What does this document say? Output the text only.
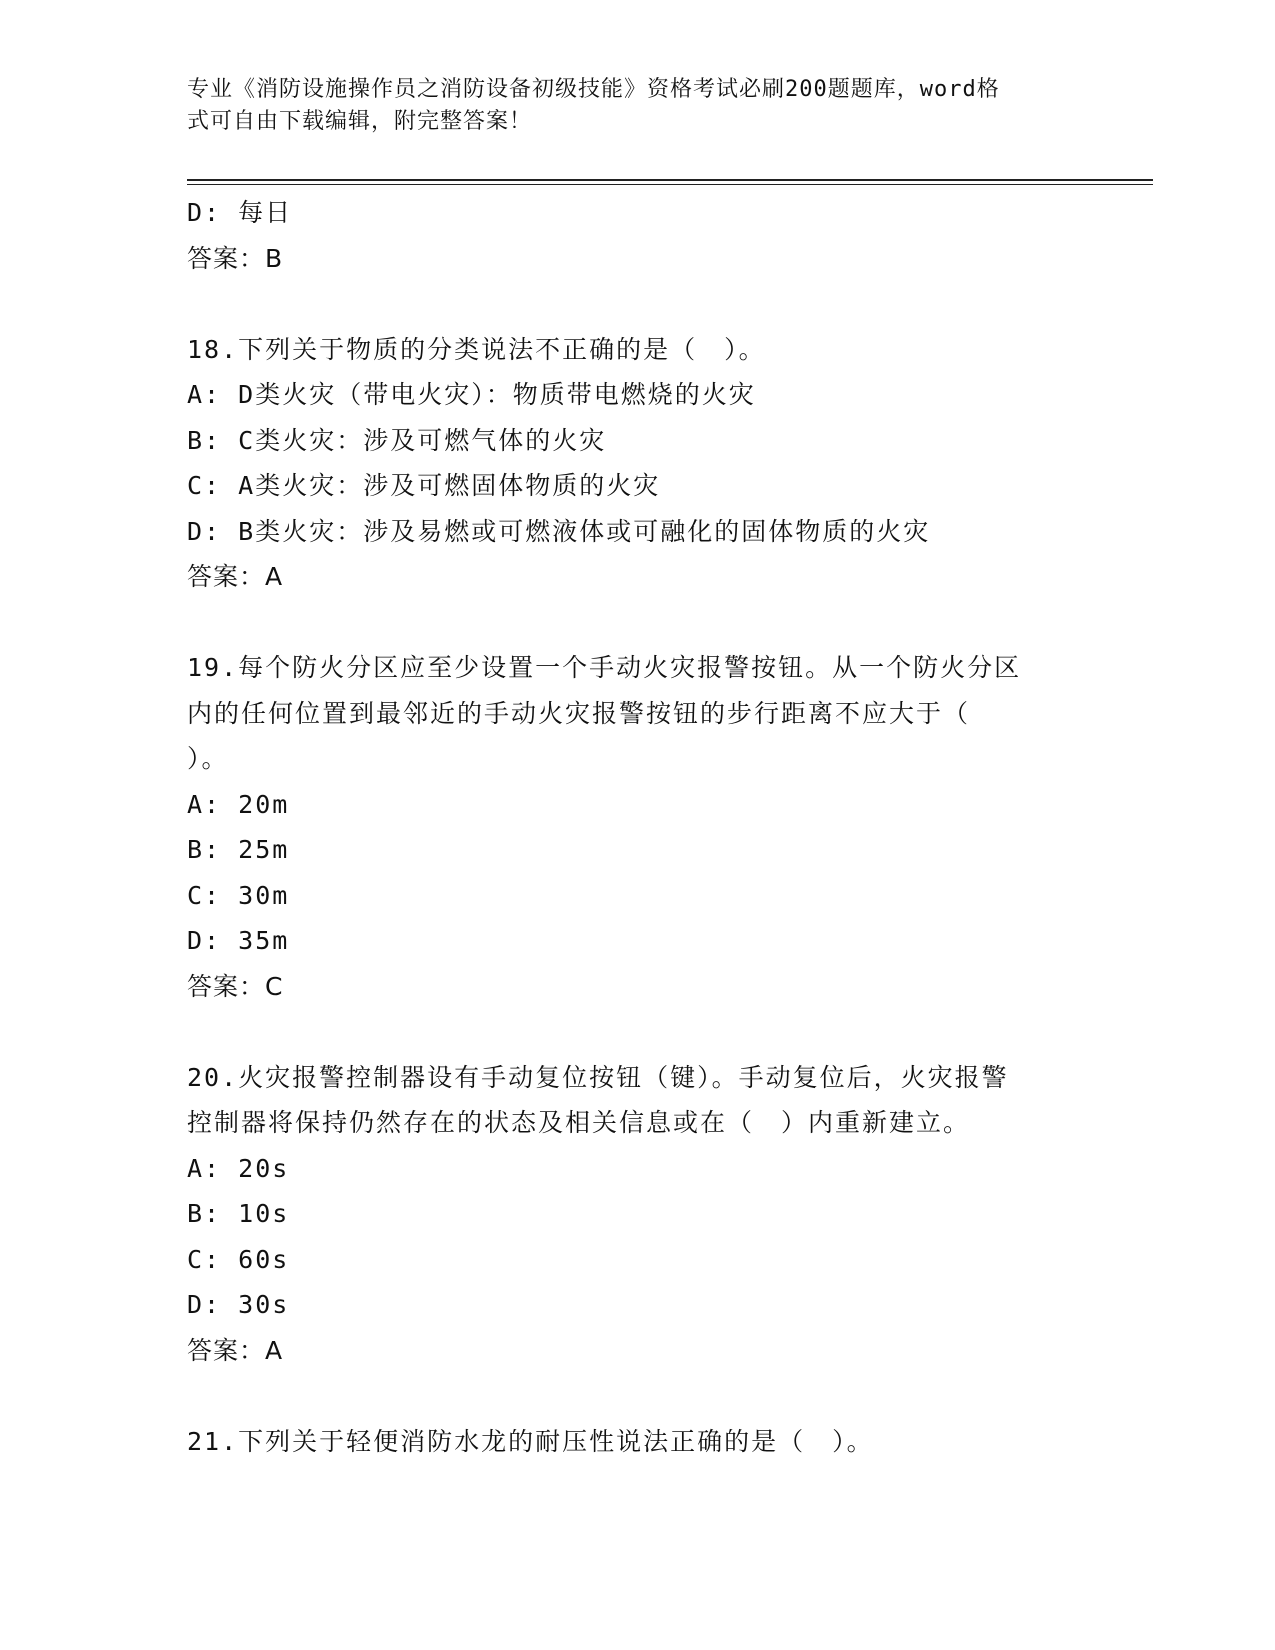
专业《消防设施操作员之消防设备初级技能》资格考试必刷200题题库，word格
式可自由下载编辑，附完整答案！
D: 每日
答案：B
18.下列关于物质的分类说法不正确的是（　）。
A: D类火灾（带电火灾）：物质带电燃烧的火灾
B: C类火灾：涉及可燃气体的火灾
C: A类火灾：涉及可燃固体物质的火灾
D: B类火灾：涉及易燃或可燃液体或可融化的固体物质的火灾
答案：A
19.每个防火分区应至少设置一个手动火灾报警按钮。从一个防火分区
内的任何位置到最邻近的手动火灾报警按钮的步行距离不应大于（
）。
A: 20m
B: 25m
C: 30m
D: 35m
答案：C
20.火灾报警控制器设有手动复位按钮（键）。手动复位后，火灾报警
控制器将保持仍然存在的状态及相关信息或在（　）内重新建立。
A: 20s
B: 10s
C: 60s
D: 30s
答案：A
21.下列关于轻便消防水龙的耐压性说法正确的是（　）。
